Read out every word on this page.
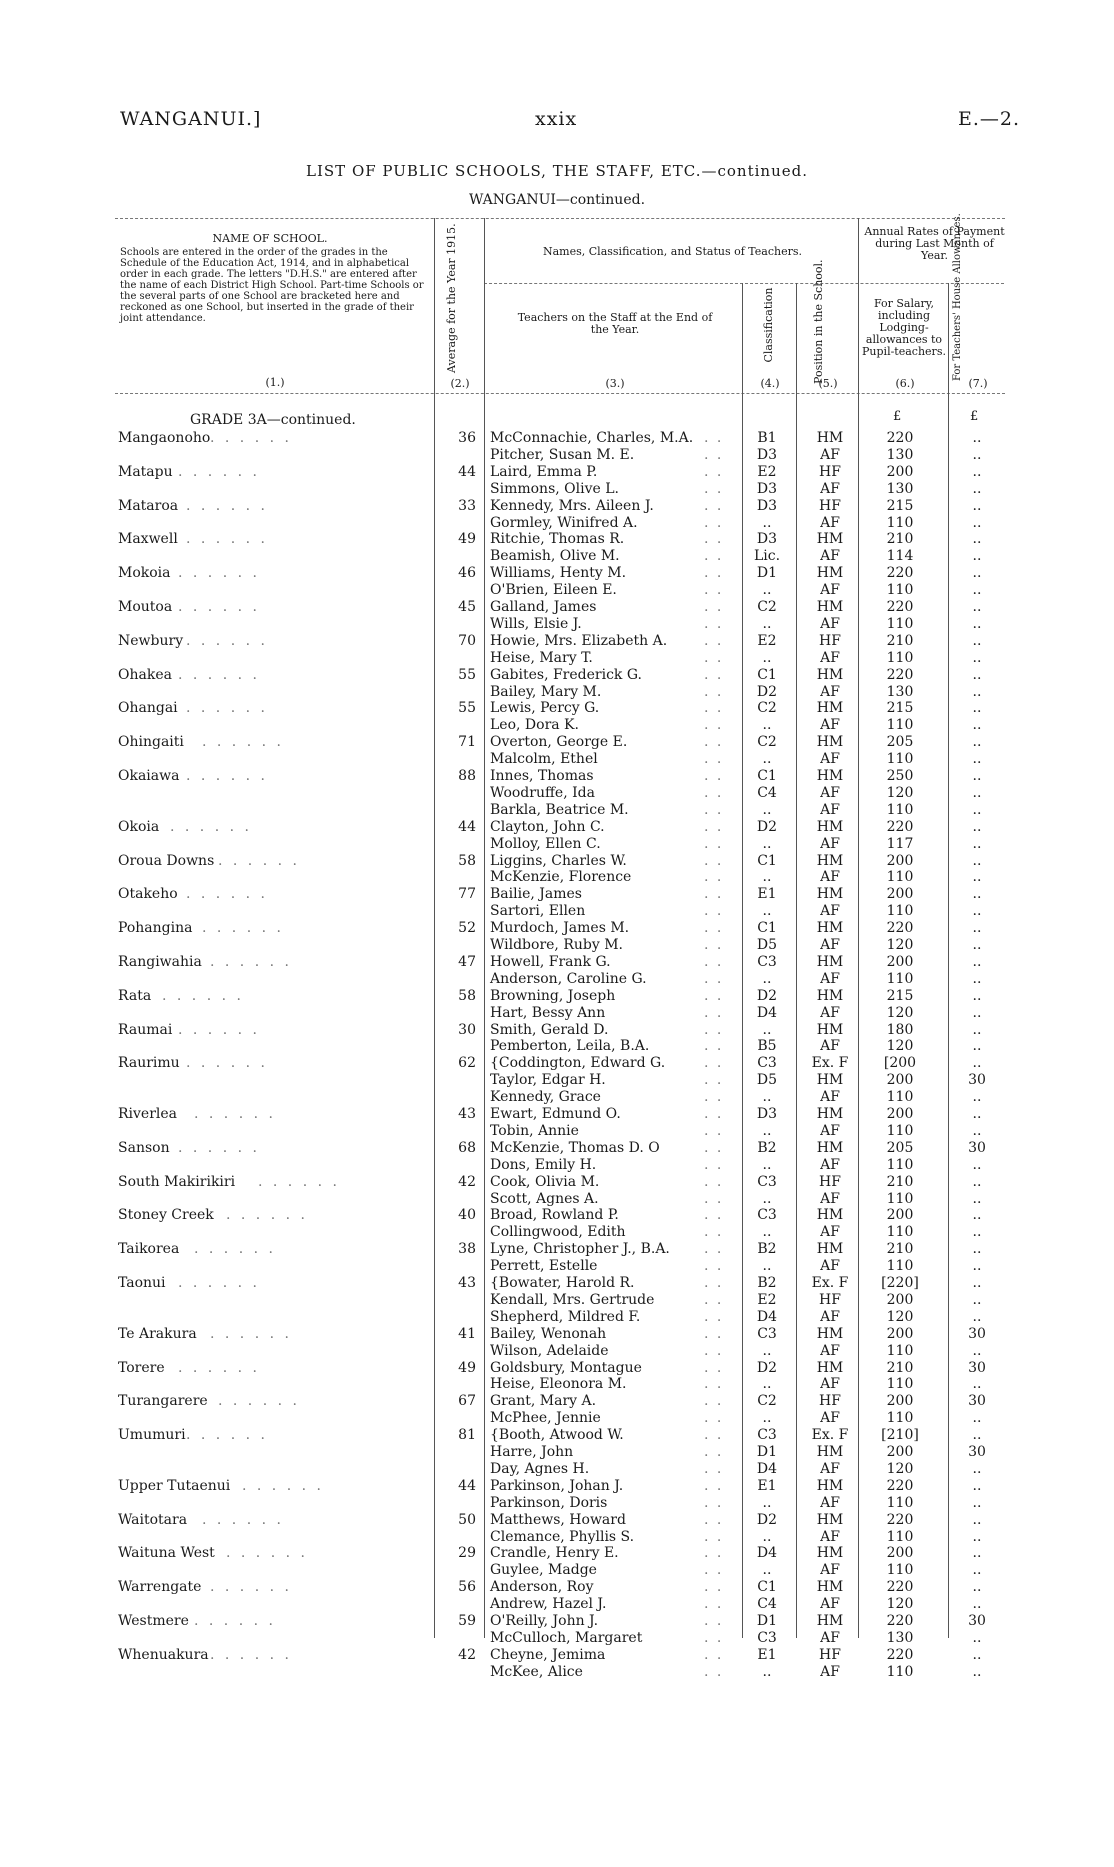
WANGANUI.]	xxix	E.—2.
LIST OF PUBLIC SCHOOLS, THE STAFF, ETC.—continued.
WANGANUI—continued.
NAME OF SCHOOL.
Schools are entered in the order of the grades in the Schedule of the Education Act, 1914, and in alphabetical order in each grade. The letters "D.H.S." are entered after the name of each District High School. Part-time Schools or the several parts of one School are bracketed here and reckoned as one School, but inserted in the grade of their joint attendance.
(1.)
Average for the Year 1915.
(2.)
Names, Classification, and Status of Teachers.
Teachers on the Staff at the End of the Year.
(3.)
Classification
(4.)	Position in the School.
(5.)
Annual Rates of Payment during Last Month of Year.
For Salary, including Lodging-allowances to Pupil-teachers.
(6.)
For Teachers' House Allowances.
(7.)
GRADE 3A—continued.	£	£
Mangaonoho . . . . . .	36 McConnachie, Charles, M.A. . .	B1	HM	220	..
Pitcher, Susan M. E.	. .	D3	AF	130	..
Matapu . . . . . .	44 Laird, Emma P.	. .	E2	HF	200	..
Simmons, Olive L.	. .	D3	AF	130	..
Mataroa . . . . . .	33 Kennedy, Mrs. Aileen J.	. .	D3	HF	215	..
Gormley, Winifred A.	. .	..	AF	110	..
Maxwell . . . . . .	49 Ritchie, Thomas R.	. .	D3	HM	210	..
Beamish, Olive M.	. .	Lic.	AF	114	..
Mokoia . . . . . .	46 Williams, Henty M.	. .	D1	HM	220	..
O'Brien, Eileen E.	. .	..	AF	110	..
Moutoa . . . . . .	45 Galland, James	. .	C2	HM	220	..
Wills, Elsie J.	. .	..	AF	110	..
Newbury . . . . . .	70 Howie, Mrs. Elizabeth A.	. .	E2	HF	210	..
Heise, Mary T.	. .	..	AF	110	..
Ohakea . . . . . .	55 Gabites, Frederick G.	. .	C1	HM	220	..
Bailey, Mary M.	. .	D2	AF	130	..
Ohangai . . . . . .	55 Lewis, Percy G.	. .	C2	HM	215	..
Leo, Dora K.	. .	..	AF	110	..
Ohingaiti . . . . . .	71 Overton, George E.	. .	C2	HM	205	..
Malcolm, Ethel	. .	..	AF	110	..
Okaiawa . . . . . .	88 Innes, Thomas	. .	C1	HM	250	..
Woodruffe, Ida	. .	C4	AF	120	..
Barkla, Beatrice M.	. .	..	AF	110	..
Okoia . . . . . .	44 Clayton, John C.	. .	D2	HM	220	..
Molloy, Ellen C.	. .	..	AF	117	..
Oroua Downs . . . . . .	58 Liggins, Charles W.	. .	C1	HM	200	..
McKenzie, Florence	. .	..	AF	110	..
Otakeho . . . . . .	77 Bailie, James	. .	E1	HM	200	..
Sartori, Ellen	. .	..	AF	110	..
Pohangina . . . . . .	52 Murdoch, James M.	. .	C1	HM	220	..
Wildbore, Ruby M.	. .	D5	AF	120	..
Rangiwahia . . . . . .	47 Howell, Frank G.	. .	C3	HM	200	..
Anderson, Caroline G.	. .	..	AF	110	..
Rata . . . . . .	58 Browning, Joseph	. .	D2	HM	215	..
Hart, Bessy Ann	. .	D4	AF	120	..
Raumai . . . . . .	30 Smith, Gerald D.	. .	..	HM	180	..
Pemberton, Leila, B.A.	. .	B5	AF	120	..
Raurimu . . . . . .	62 {Coddington, Edward G.	. .	C3	Ex. F	[200	..
Taylor, Edgar H.	. .	D5	HM	200	30
Kennedy, Grace	. .	..	AF	110	..
Riverlea . . . . . .	43 Ewart, Edmund O.	. .	D3	HM	200	..
Tobin, Annie	. .	..	AF	110	..
Sanson . . . . . .	68 McKenzie, Thomas D. O	. .	B2	HM	205	30
Dons, Emily H.	. .	..	AF	110	..
South Makirikiri . . . . . .	42 Cook, Olivia M.	. .	C3	HF	210	..
Scott, Agnes A.	. .	..	AF	110	..
Stoney Creek . . . . . .	40 Broad, Rowland P.	. .	C3	HM	200	..
Collingwood, Edith	. .	..	AF	110	..
Taikorea . . . . . .	38 Lyne, Christopher J., B.A. . .	B2	HM	210	..
Perrett, Estelle	. .	..	AF	110	..
Taonui . . . . . .	43 {Bowater, Harold R.	. .	B2	Ex. F	[220]	..
Kendall, Mrs. Gertrude	. .	E2	HF	200	..
Shepherd, Mildred F.	. .	D4	AF	120	..
Te Arakura . . . . . .	41 Bailey, Wenonah	. .	C3	HM	200	30
Wilson, Adelaide	. .	..	AF	110	..
Torere . . . . . .	49 Goldsbury, Montague	. .	D2	HM	210	30
Heise, Eleonora M.	. .	..	AF	110	..
Turangarere . . . . . .	67 Grant, Mary A.	. .	C2	HF	200	30
McPhee, Jennie	. .	..	AF	110	..
Umumuri . . . . . .	81 {Booth, Atwood W.	. .	C3	Ex. F	[210]	..
Harre, John	. .	D1	HM	200	30
Day, Agnes H.	. .	D4	AF	120	..
Upper Tutaenui . . . . . .	44 Parkinson, Johan J.	. .	E1	HM	220	..
Parkinson, Doris	. .	..	AF	110	..
Waitotara . . . . . .	50 Matthews, Howard	. .	D2	HM	220	..
Clemance, Phyllis S.	. .	..	AF	110	..
Waituna West . . . . . .	29 Crandle, Henry E.	. .	D4	HM	200	..
Guylee, Madge	. .	..	AF	110	..
Warrengate . . . . . .	56 Anderson, Roy	. .	C1	HM	220	..
Andrew, Hazel J.	. .	C4	AF	120	..
Westmere . . . . . .	59 O'Reilly, John J.	. .	D1	HM	220	30
McCulloch, Margaret	. .	C3	AF	130	..
Whenuakura . . . . . .	42 Cheyne, Jemima	. .	E1	HF	220	..
McKee, Alice	. .	..	AF	110	..
